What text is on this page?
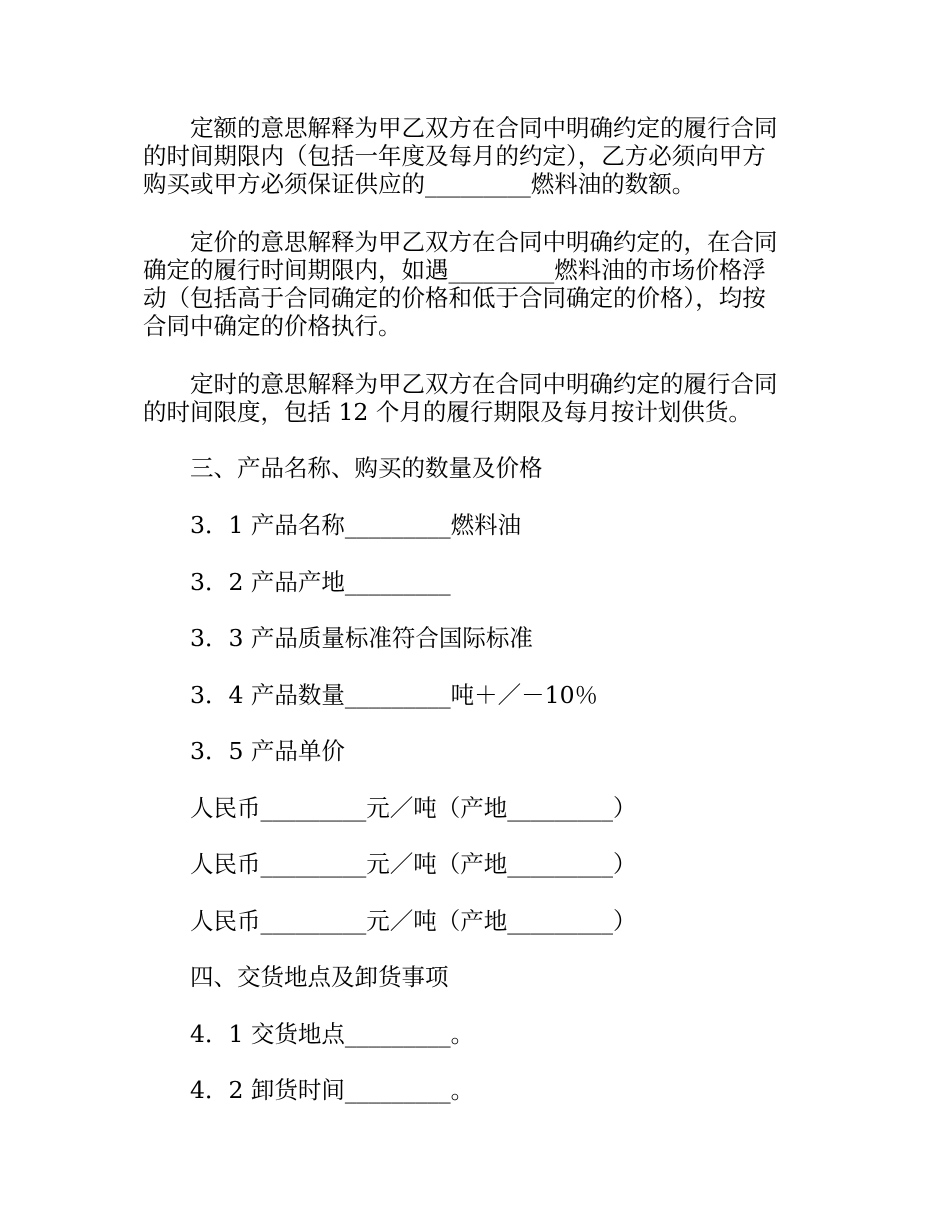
定额的意思解释为甲乙双方在合同中明确约定的履行合同
的时间期限内（包括一年度及每月的约定），乙方必须向甲方
购买或甲方必须保证供应的_________燃料油的数额。
定价的意思解释为甲乙双方在合同中明确约定的，在合同
确定的履行时间期限内，如遇_________燃料油的市场价格浮
动（包括高于合同确定的价格和低于合同确定的价格），均按
合同中确定的价格执行。
定时的意思解释为甲乙双方在合同中明确约定的履行合同
的时间限度，包括 12 个月的履行期限及每月按计划供货。

三、产品名称、购买的数量及价格

3．1 产品名称_________燃料油

3．2 产品产地_________

3．3 产品质量标准符合国际标准

3．4 产品数量_________吨＋／－10％

3．5 产品单价

人民币_________元／吨（产地_________）

人民币_________元／吨（产地_________）

人民币_________元／吨（产地_________）

四、交货地点及卸货事项

4．1 交货地点_________。

4．2 卸货时间_________。
